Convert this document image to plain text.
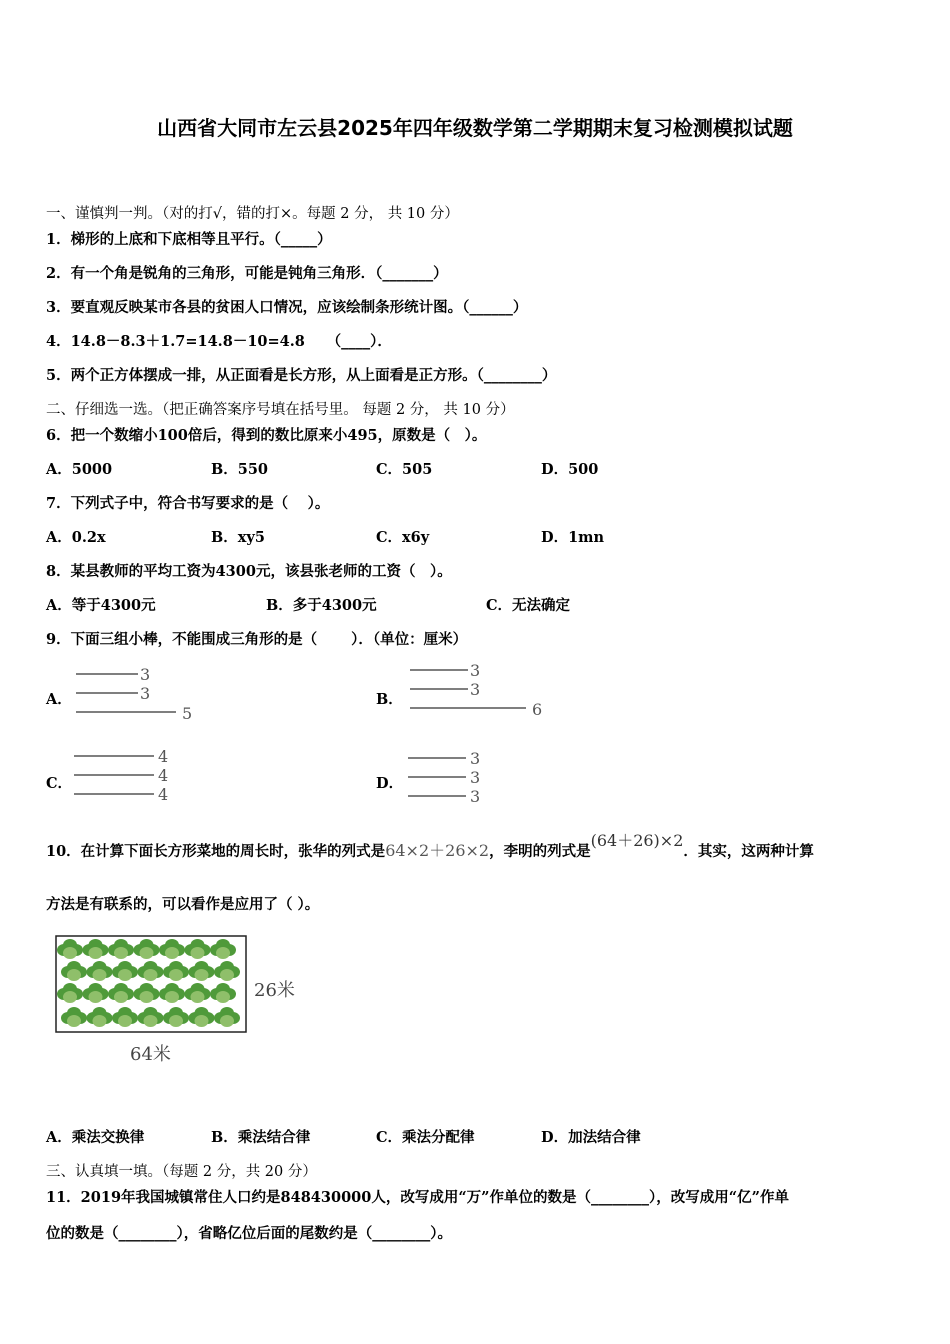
山西省大同市左云县2025年四年级数学第二学期期末复习检测模拟试题
一、谨慎判一判。（对的打√，错的打×。每题 2 分， 共 10 分）
1．梯形的上底和下底相等且平行。（_____）
2．有一个角是锐角的三角形，可能是钝角三角形．（_______）
3．要直观反映某市各县的贫困人口情况，应该绘制条形统计图。（______）
4．14.8－8.3＋1.7=14.8－10=4.8　　（____）．
5．两个正方体摆成一排，从正面看是长方形，从上面看是正方形。（________）
二、仔细选一选。（把正确答案序号填在括号里。 每题 2 分， 共 10 分）
6．把一个数缩小100倍后，得到的数比原来小495，原数是（　）。
A．5000	B．550	C．505	D．500
7．下列式子中，符合书写要求的是（　 ）。
A．0.2x	B．xy5	C．x6y	D．1mn
8．某县教师的平均工资为4300元，该县张老师的工资（　）。
A．等于4300元	B．多于4300元	C．无法确定
9．下面三组小棒，不能围成三角形的是（　　 ）．（单位：厘米）
A．
3
3
5
B．
3
3
6
C．
4
4
4
D．
3
3
3
10．在计算下面长方形菜地的周长时，张华的列式是64×2＋26×2，李明的列式是(64＋26)×2．其实，这两种计算
方法是有联系的，可以看作是应用了（ ）。
26米
64米
A．乘法交换律	B．乘法结合律	C．乘法分配律	D．加法结合律
三、认真填一填。（每题 2 分，共 20 分）
11．2019年我国城镇常住人口约是848430000人，改写成用“万”作单位的数是（________），改写成用“亿”作单
位的数是（________），省略亿位后面的尾数约是（________）。
